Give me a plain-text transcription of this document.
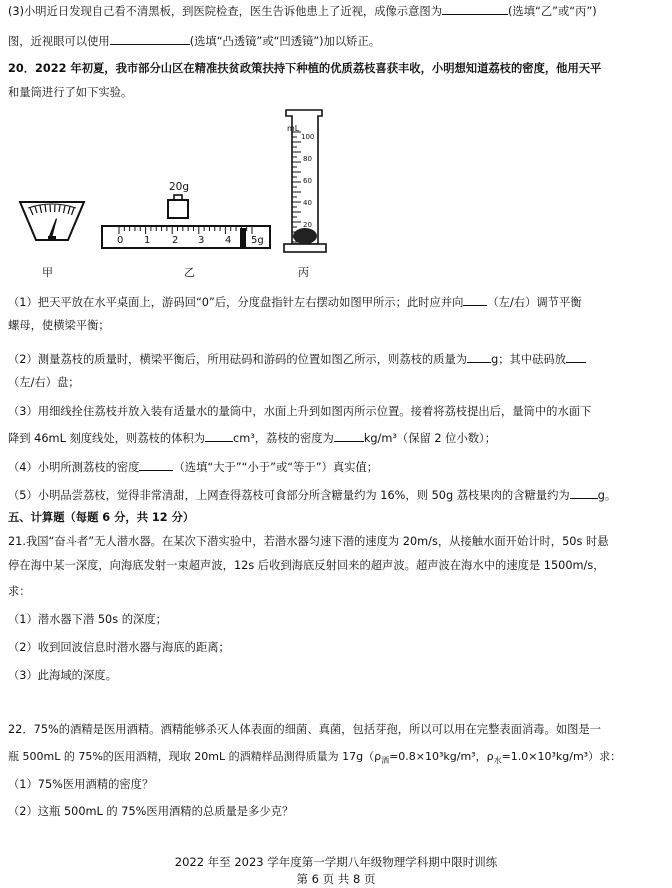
(3)小明近日发现自己看不清黑板，到医院检查，医生告诉他患上了近视，成像示意图为	(选填“乙”或“丙”)
图，近视眼可以使用	(选填“凸透镜”或“凹透镜”)加以矫正。
20．2022 年初夏，我市部分山区在精准扶贫政策扶持下种植的优质荔枝喜获丰收，小明想知道荔枝的密度，他用天平
和量筒进行了如下实验。
甲
20g
0 1 2 3 4 5g
乙
mL
100
80
60
40
20
丙
（1）把天平放在水平桌面上，游码回“0”后，分度盘指针左右摆动如图甲所示；此时应并向 （左/右）调节平衡
螺母，使横梁平衡；
（2）测量荔枝的质量时，横梁平衡后，所用砝码和游码的位置如图乙所示，则荔枝的质量为 g；其中砝码放
（左/右）盘；
（3）用细线拴住荔枝并放入装有适量水的量筒中，水面上升到如图丙所示位置。接着将荔枝提出后，量筒中的水面下
降到 46mL 刻度线处，则荔枝的体积为 cm³，荔枝的密度为	kg/m³（保留 2 位小数）；
（4）小明所测荔枝的密度	（选填“大于”“小于”或“等于”）真实值；
（5）小明品尝荔枝，觉得非常清甜，上网查得荔枝可食部分所含糖量约为 16%，则 50g 荔枝果肉的含糖量约为 g。
五、计算题（每题 6 分，共 12 分）
21.我国“奋斗者”无人潜水器。在某次下潜实验中，若潜水器匀速下潜的速度为 20m/s，从接触水面开始计时，50s 时悬
停在海中某一深度，向海底发射一束超声波，12s 后收到海底反射回来的超声波。超声波在海水中的速度是 1500m/s，
求：
（1）潜水器下潜 50s 的深度；
（2）收到回波信息时潜水器与海底的距离；
（3）此海域的深度。
22．75%的酒精是医用酒精。酒精能够杀灭人体表面的细菌、真菌，包括芽孢，所以可以用在完整表面消毒。如图是一
瓶 500mL 的 75%的医用酒精，现取 20mL 的酒精样品测得质量为 $17g(\rho_酒=0.8\times 10^3kg/m^3$，$\rho_水=1.0\times 10^3kg/m^3$）求：
（1）75%医用酒精的密度？
（2）这瓶 500mL 的 75%医用酒精的总质量是多少克？
2022 年至 2023 学年度第一学期八年级物理学科期中限时训练
第 6 页 共 8 页
